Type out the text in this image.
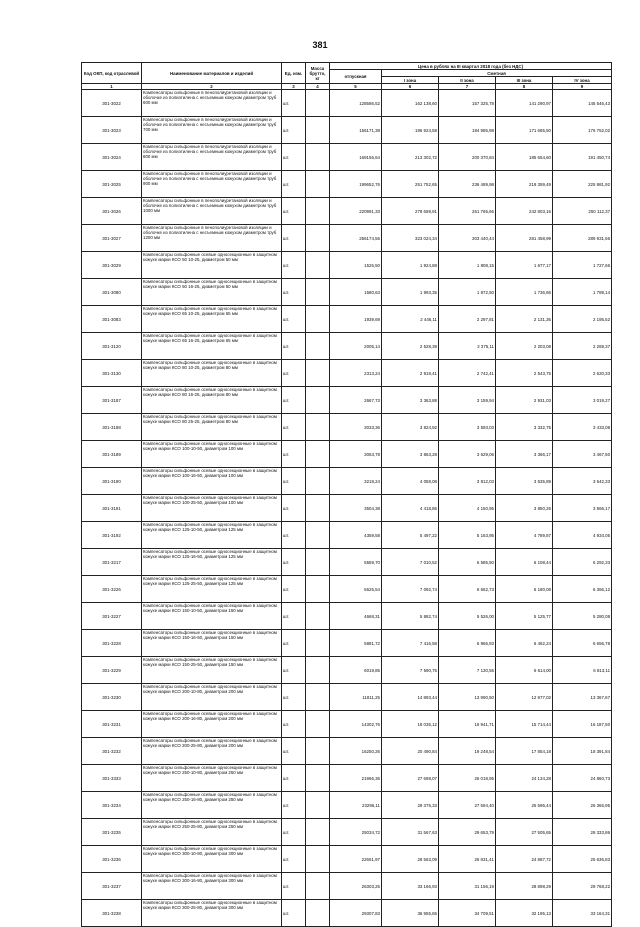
381
Код ОКП, код отраслевой	Наименование материалов и изделий	Ед. изм.	Масса брутто, кг	Цена в рублях на III квартал 2018 года (без НДС)				
				отпускная	Сметная			
					I зона	II зона	III зона	IV зона
1	2	3	4	5	6	7	8	9
301-3022	Компенсаторы сильфонные в пенополиуретановой изоляции и оболочке из полиэтилена с несъемным кожухом диаметром труб 600 мм	шт.		128586,52	162 138,60	157 325,78	141 290,97	145 546,43
301-3023	Компенсаторы сильфонные в пенополиуретановой изоляции и оболочке из полиэтилена с несъемным кожухом диаметром труб 700 мм	шт.		156171,38	196 924,58	184 985,98	171 685,50	176 752,02
301-3024	Компенсаторы сильфонные в пенополиуретановой изоляции и оболочке из полиэтилена с несъемным кожухом диаметром труб 800 мм	шт.		169156,64	213 302,72	200 370,84	185 654,60	191 450,74
301-3025	Компенсаторы сильфонные в пенополиуретановой изоляции и оболочке из полиэтилена с несъемным кожухом диаметром труб 900 мм	шт.		199652,76	251 752,65	236 489,98	219 359,49	225 981,92
301-3026	Компенсаторы сильфонные в пенополиуретановой изоляции и оболочке из полиэтилена с несъемным кожухом диаметром труб 1000 мм	шт.		220991,33	278 659,91	261 765,66	242 803,16	250 112,37
301-3027	Компенсаторы сильфонные в пенополиуретановой изоляции и оболочке из полиэтилена с несъемным кожухом диаметром труб 1200 мм	шт.		256174,56	323 024,34	303 440,44	281 458,99	289 931,66
301-3029	Компенсаторы сильфонные осевые односекционные в защитном кожухе марки КСО 50 10-25, диаметром 50 мм	шт.		1526,50	1 924,88	1 808,15	1 677,17	1 727,66
301-3080	Компенсаторы сильфонные осевые односекционные в защитном кожухе марки КСО 50 16-25, диаметром 50 мм	шт.		1580,63	1 993,35	1 872,50	1 736,86	1 789,14
301-3083	Компенсаторы сильфонные осевые односекционные в защитном кожухе марки КСО 65 10-25, диаметром 65 мм	шт.		1939,69	2 446,11	2 297,81	2 131,36	2 195,52
301-3120	Компенсаторы сильфонные осевые односекционные в защитном кожухе марки КСО 65 16-25, диаметром 65 мм	шт.		2005,14	2 528,39	2 375,11	2 203,08	2 269,37
301-3130	Компенсаторы сильфонные осевые односекционные в защитном кожухе марки КСО 80 10-25, диаметром 80 мм	шт.		2313,24	2 919,41	2 742,41	2 543,75	2 620,33
301-3187	Компенсаторы сильфонные осевые односекционные в защитном кожухе марки КСО 80 16-25, диаметром 80 мм	шт.		2667,73	3 363,88	3 159,94	2 931,03	3 019,27
301-3188	Компенсаторы сильфонные осевые односекционные в защитном кожухе марки КСО 80 25-25, диаметром 80 мм	шт.		3033,36	3 824,92	3 593,03	3 332,75	3 433,08
301-3189	Компенсаторы сильфонные осевые односекционные в защитном кожухе марки КСО 100-10-50, диаметром 100 мм	шт.		3063,78	3 863,28	3 629,06	3 366,17	3 467,50
301-3190	Компенсаторы сильфонные осевые односекционные в защитном кожухе марки КСО 100-16-50, диаметром 100 мм	шт.		3218,24	4 058,08	3 812,03	3 535,89	3 642,33
301-3191	Компенсаторы сильфонные осевые односекционные в защитном кожухе марки КСО 100-25-50, диаметром 100 мм	шт.		3504,38	4 418,86	4 150,95	3 850,26	3 966,17
301-3192	Компенсаторы сильфонные осевые односекционные в защитном кожухе марки КСО 125-10-50, диаметром 125 мм	шт.		4359,58	5 497,22	5 163,95	4 789,87	4 934,05
301-3217	Компенсаторы сильфонные осевые односекционные в защитном кожухе марки КСО 125-16-50, диаметром 125 мм	шт.		5559,70	7 010,52	6 585,50	6 108,44	6 292,33
301-3226	Компенсаторы сильфонные осевые односекционные в защитном кожухе марки КСО 125-25-50, диаметром 125 мм	шт.		5625,54	7 092,74	6 662,73	6 180,08	6 366,12
301-3227	Компенсаторы сильфонные осевые односекционные в защитном кожухе марки КСО 150-10-50, диаметром 150 мм	шт.		4668,31	5 882,74	5 526,00	5 125,77	5 280,08
301-3228	Компенсаторы сильфонные осевые односекционные в защитном кожухе марки КСО 150-16-50, диаметром 150 мм	шт.		5881,72	7 416,58	6 966,93	6 462,24	6 656,78
301-3229	Компенсаторы сильфонные осевые односекционные в защитном кожухе марки КСО 150-25-50, диаметром 150 мм	шт.		6019,85	7 590,75	7 130,55	6 614,00	6 813,11
301-3230	Компенсаторы сильфонные осевые односекционные в защитном кожухе марки КСО 200-10-80, диаметром 200 мм	шт.		11811,25	14 893,44	13 990,50	12 977,02	13 367,67
301-3231	Компенсаторы сильфонные осевые односекционные в защитном кожухе марки КСО 200-16-80, диаметром 200 мм	шт.		14302,76	18 035,12	16 941,71	15 714,44	16 187,50
301-3232	Компенсаторы сильфонные осевые односекционные в защитном кожухе марки КСО 200-25-80, диаметром 200 мм	шт.		16250,26	20 490,84	19 248,54	17 854,18	18 391,84
301-3333	Компенсаторы сильфонные осевые односекционные в защитном кожухе марки КСО 250-10-80, диаметром 250 мм	шт.		21966,36	27 698,07	26 018,95	24 134,28	24 860,73
301-3234	Компенсаторы сильфонные осевые односекционные в защитном кожухе марки КСО 250-16-80, диаметром 250 мм	шт.		23296,11	29 375,33	27 594,40	25 595,44	26 365,95
301-3235	Компенсаторы сильфонные осевые односекционные в защитном кожухе марки КСО 250-25-80, диаметром 250 мм	шт.		25034,72	31 567,63	29 653,79	27 505,65	28 333,86
301-3236	Компенсаторы сильфонные осевые односекционные в защитном кожухе марки КСО 300-10-80, диаметром 300 мм	шт.		22651,97	28 563,09	26 831,41	24 887,72	25 636,83
301-3237	Компенсаторы сильфонные осевые односекционные в защитном кожухе марки КСО 300-16-80, диаметром 300 мм	шт.		26303,25	33 166,93	31 156,19	28 898,29	29 768,22
301-3238	Компенсаторы сильфонные осевые односекционные в защитном кожухе марки КСО 300-25-80, диаметром 300 мм	шт.		29307,83	36 955,65	34 709,51	32 195,13	33 164,31
